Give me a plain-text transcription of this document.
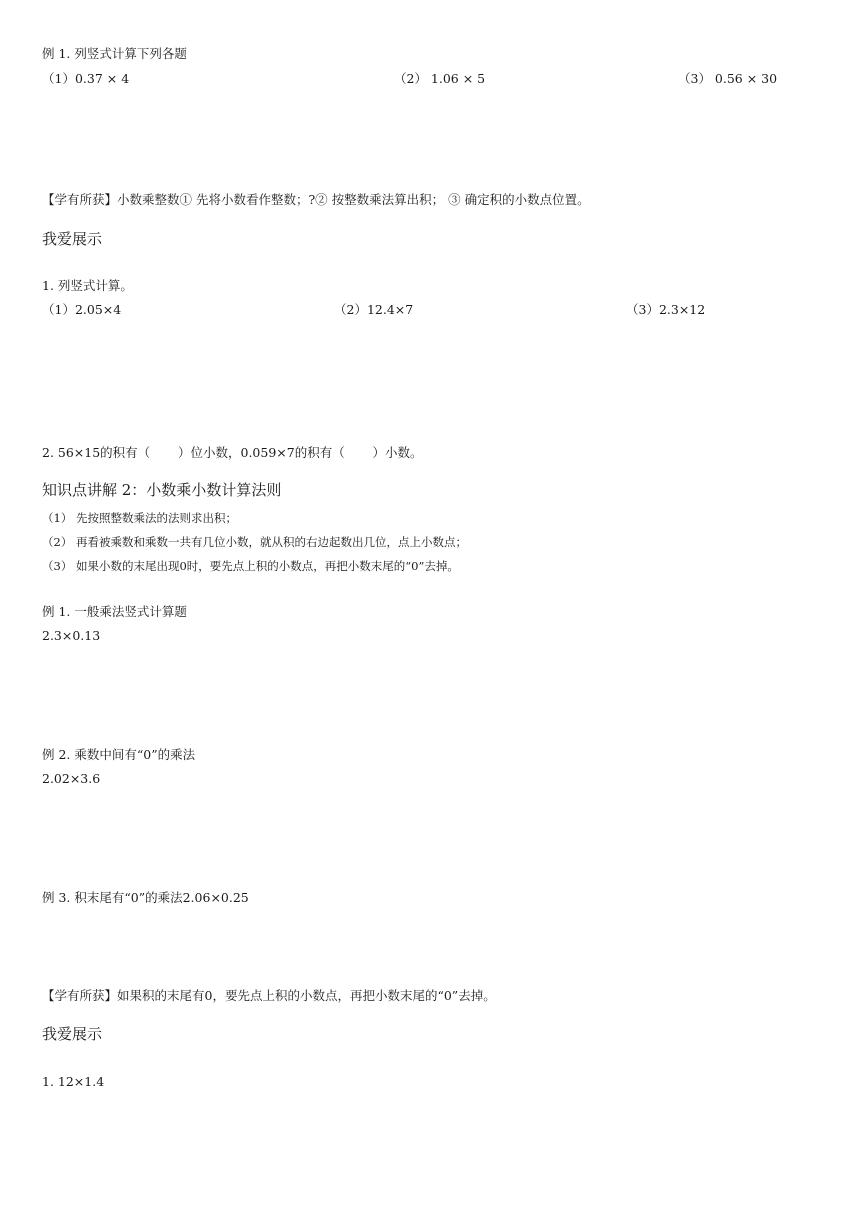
例 1. 列竖式计算下列各题
（1）0.37 × 4	（2） 1.06 × 5	（3） 0.56 × 30
【学有所获】小数乘整数① 先将小数看作整数；?② 按整数乘法算出积； ③ 确定积的小数点位置。
我爱展示
1. 列竖式计算。
（1）2.05×4	（2）12.4×7	（3）2.3×12
2. 56×15的积有（       ）位小数，0.059×7的积有（       ）小数。
知识点讲解 2：小数乘小数计算法则
（1） 先按照整数乘法的法则求出积；
（2） 再看被乘数和乘数一共有几位小数，就从积的右边起数出几位，点上小数点；
（3） 如果小数的末尾出现0时，要先点上积的小数点，再把小数末尾的“0”去掉。
例 1. 一般乘法竖式计算题
2.3×0.13
例 2. 乘数中间有“0”的乘法
2.02×3.6
例 3. 积末尾有“0”的乘法2.06×0.25
【学有所获】如果积的末尾有0，要先点上积的小数点，再把小数末尾的“0”去掉。
我爱展示
1. 12×1.4
